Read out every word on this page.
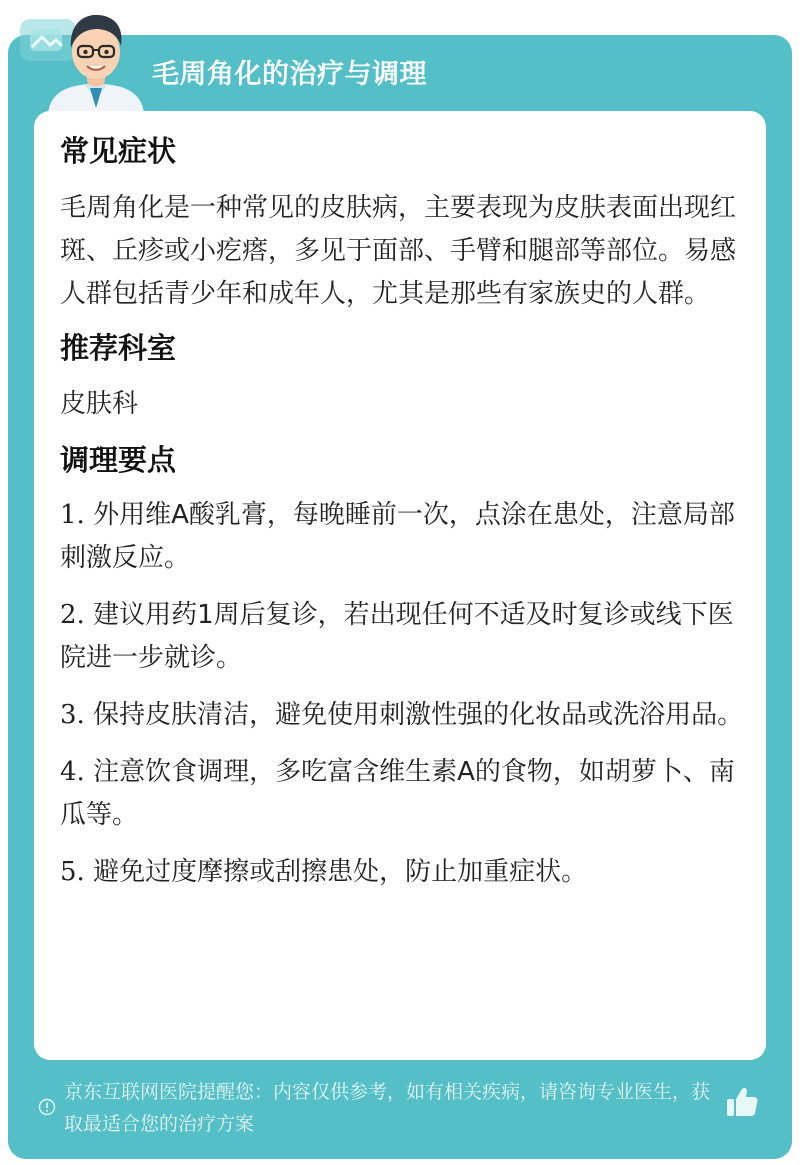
毛周角化的治疗与调理
常见症状

毛周角化是一种常见的皮肤病，主要表现为皮肤表面出现红斑、丘疹或小疙瘩，多见于面部、手臂和腿部等部位。易感人群包括青少年和成年人，尤其是那些有家族史的人群。

推荐科室

皮肤科

调理要点

1. 外用维A酸乳膏，每晚睡前一次，点涂在患处，注意局部刺激反应。

2. 建议用药1周后复诊，若出现任何不适及时复诊或线下医院进一步就诊。

3. 保持皮肤清洁，避免使用刺激性强的化妆品或洗浴用品。

4. 注意饮食调理，多吃富含维生素A的食物，如胡萝卜、南瓜等。

5. 避免过度摩擦或刮擦患处，防止加重症状。

京东互联网医院提醒您：内容仅供参考，如有相关疾病，请咨询专业医生，获取最适合您的治疗方案
